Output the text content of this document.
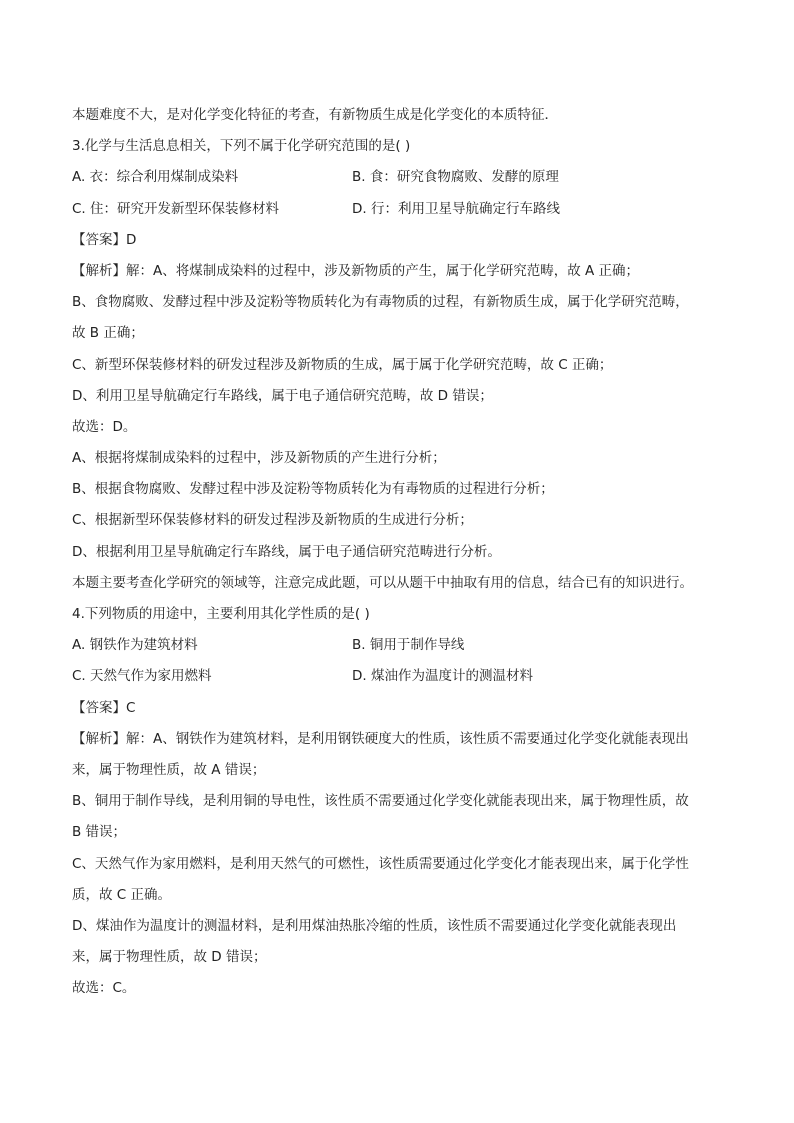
本题难度不大，是对化学变化特征的考查，有新物质生成是化学变化的本质特征．
3.化学与生活息息相关，下列不属于化学研究范围的是( )
A. 衣：综合利用煤制成染料	B. 食：研究食物腐败、发酵的原理
C. 住：研究开发新型环保装修材料	D. 行：利用卫星导航确定行车路线
【答案】D
【解析】解：A、将煤制成染料的过程中，涉及新物质的产生，属于化学研究范畴，故 A 正确；
B、食物腐败、发酵过程中涉及淀粉等物质转化为有毒物质的过程，有新物质生成，属于化学研究范畴，
故 B 正确；
C、新型环保装修材料的研发过程涉及新物质的生成，属于属于化学研究范畴，故 C 正确；
D、利用卫星导航确定行车路线，属于电子通信研究范畴，故 D 错误；
故选：D。
A、根据将煤制成染料的过程中，涉及新物质的产生进行分析；
B、根据食物腐败、发酵过程中涉及淀粉等物质转化为有毒物质的过程进行分析；
C、根据新型环保装修材料的研发过程涉及新物质的生成进行分析；
D、根据利用卫星导航确定行车路线，属于电子通信研究范畴进行分析。
本题主要考查化学研究的领域等，注意完成此题，可以从题干中抽取有用的信息，结合已有的知识进行。
4.下列物质的用途中，主要利用其化学性质的是( )
A. 钢铁作为建筑材料	B. 铜用于制作导线
C. 天然气作为家用燃料	D. 煤油作为温度计的测温材料
【答案】C
【解析】解：A、钢铁作为建筑材料，是利用钢铁硬度大的性质，该性质不需要通过化学变化就能表现出
来，属于物理性质，故 A 错误；
B、铜用于制作导线，是利用铜的导电性，该性质不需要通过化学变化就能表现出来，属于物理性质，故
B 错误；
C、天然气作为家用燃料，是利用天然气的可燃性，该性质需要通过化学变化才能表现出来，属于化学性
质，故 C 正确。
D、煤油作为温度计的测温材料，是利用煤油热胀冷缩的性质，该性质不需要通过化学变化就能表现出
来，属于物理性质，故 D 错误；
故选：C。
